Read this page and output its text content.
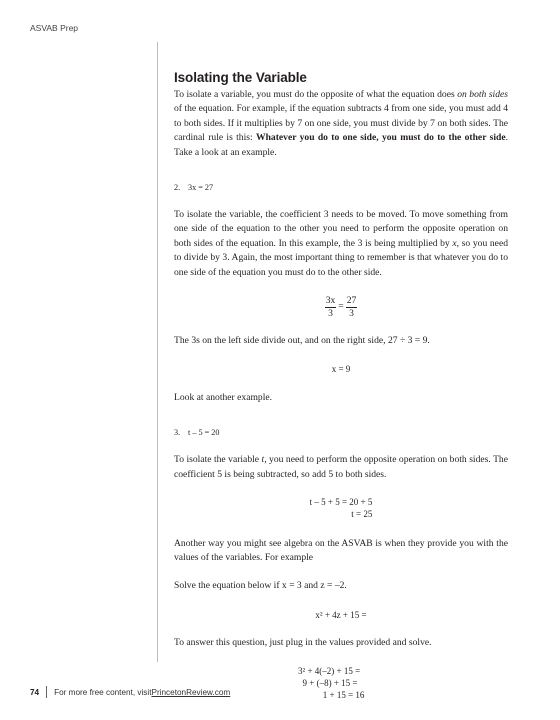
ASVAB Prep
Isolating the Variable

To isolate a variable, you must do the opposite of what the equation does on both sides of the equation. For example, if the equation subtracts 4 from one side, you must add 4 to both sides. If it multiplies by 7 on one side, you must divide by 7 on both sides. The cardinal rule is this: Whatever you do to one side, you must do to the other side. Take a look at an example.

2. 3x = 27

To isolate the variable, the coefficient 3 needs to be moved. To move something from one side of the equation to the other you need to perform the opposite operation on both sides of the equation. In this example, the 3 is being multiplied by x, so you need to divide by 3. Again, the most important thing to remember is that whatever you do to one side of the equation you must do to the other side.

$\frac{3x}{3} = \frac{27}{3}$

The 3s on the left side divide out, and on the right side, 27 ÷ 3 = 9.

x = 9

Look at another example.

3. t – 5 = 20

To isolate the variable t, you need to perform the opposite operation on both sides. The coefficient 5 is being subtracted, so add 5 to both sides.

t – 5 + 5 = 20 + 5
t = 25

Another way you might see algebra on the ASVAB is when they provide you with the values of the variables. For example

Solve the equation below if x = 3 and z = –2.

x² + 4z + 15 =

To answer this question, just plug in the values provided and solve.

3² + 4(–2) + 15 =
9 + (–8) + 15 =
1 + 15 = 16
74 For more free content, visit PrincetonReview.com
